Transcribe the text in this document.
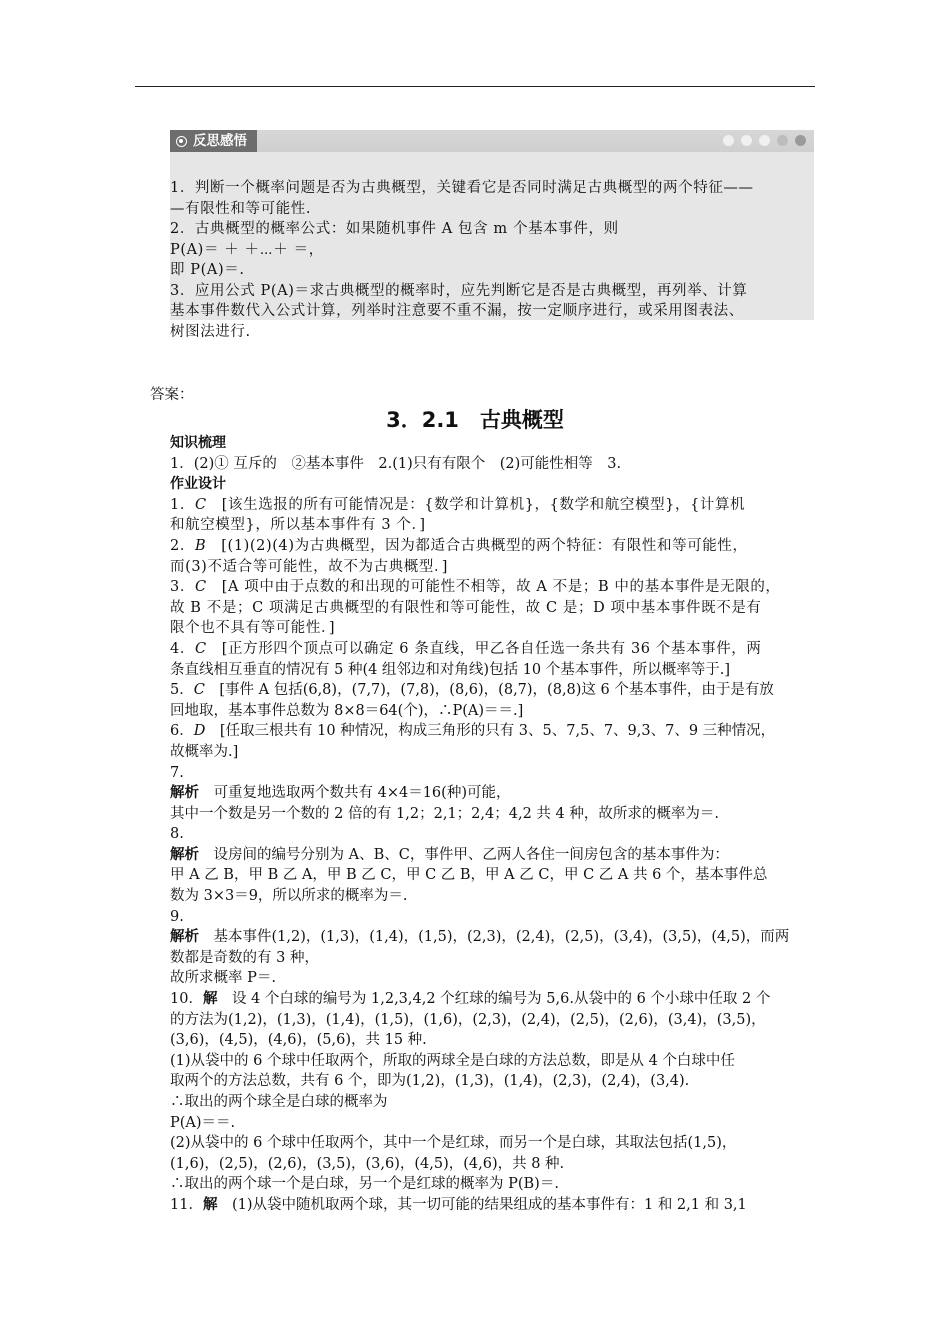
反思感悟
1．判断一个概率问题是否为古典概型，关键看它是否同时满足古典概型的两个特征——
—有限性和等可能性.
2．古典概型的概率公式：如果随机事件 A 包含 m 个基本事件，则
P(A)＝ ＋ ＋⋯＋ ＝，
即 P(A)＝.
3．应用公式 P(A)＝求古典概型的概率时，应先判断它是否是古典概型，再列举、计算
基本事件数代入公式计算，列举时注意要不重不漏，按一定顺序进行，或采用图表法、
树图法进行.
答案：
3．2.1　古典概型
知识梳理
1．(2)① 互斥的　②基本事件　2.(1)只有有限个　(2)可能性相等　3.
作业设计
1．C　[该生选报的所有可能情况是：{数学和计算机}，{数学和航空模型}，{计算机
和航空模型}，所以基本事件有 3 个．]
2．B　[(1)(2)(4)为古典概型，因为都适合古典概型的两个特征：有限性和等可能性，
而(3)不适合等可能性，故不为古典概型．]
3．C　[A 项中由于点数的和出现的可能性不相等，故 A 不是；B 中的基本事件是无限的，
故 B 不是；C 项满足古典概型的有限性和等可能性，故 C 是；D 项中基本事件既不是有
限个也不具有等可能性．]
4．C　[正方形四个顶点可以确定 6 条直线，甲乙各自任选一条共有 36 个基本事件，两
条直线相互垂直的情况有 5 种(4 组邻边和对角线)包括 10 个基本事件，所以概率等于.]
5．C　[事件 A 包括(6,8)，(7,7)，(7,8)，(8,6)，(8,7)，(8,8)这 6 个基本事件，由于是有放
回地取，基本事件总数为 8×8＝64(个)，∴P(A)＝＝.]
6．D　[任取三根共有 10 种情况，构成三角形的只有 3、5、7,5、7、9,3、7、9 三种情况，
故概率为.]
7.
解析　可重复地选取两个数共有 4×4＝16(种)可能，
其中一个数是另一个数的 2 倍的有 1,2；2,1；2,4；4,2 共 4 种，故所求的概率为＝.
8.
解析　设房间的编号分别为 A、B、C，事件甲、乙两人各住一间房包含的基本事件为：
甲 A 乙 B，甲 B 乙 A，甲 B 乙 C，甲 C 乙 B，甲 A 乙 C，甲 C 乙 A 共 6 个，基本事件总
数为 3×3＝9，所以所求的概率为＝.
9.
解析　基本事件(1,2)，(1,3)，(1,4)，(1,5)，(2,3)，(2,4)，(2,5)，(3,4)，(3,5)，(4,5)，而两
数都是奇数的有 3 种，
故所求概率 P＝.
10．解　设 4 个白球的编号为 1,2,3,4,2 个红球的编号为 5,6.从袋中的 6 个小球中任取 2 个
的方法为(1,2)，(1,3)，(1,4)，(1,5)，(1,6)，(2,3)，(2,4)，(2,5)，(2,6)，(3,4)，(3,5)，
(3,6)，(4,5)，(4,6)，(5,6)，共 15 种.
(1)从袋中的 6 个球中任取两个，所取的两球全是白球的方法总数，即是从 4 个白球中任
取两个的方法总数，共有 6 个，即为(1,2)，(1,3)，(1,4)，(2,3)，(2,4)，(3,4).
∴取出的两个球全是白球的概率为
P(A)＝＝.
(2)从袋中的 6 个球中任取两个，其中一个是红球，而另一个是白球，其取法包括(1,5)，
(1,6)，(2,5)，(2,6)，(3,5)，(3,6)，(4,5)，(4,6)，共 8 种.
∴取出的两个球一个是白球，另一个是红球的概率为 P(B)＝.
11．解　(1)从袋中随机取两个球，其一切可能的结果组成的基本事件有：1 和 2,1 和 3,1
